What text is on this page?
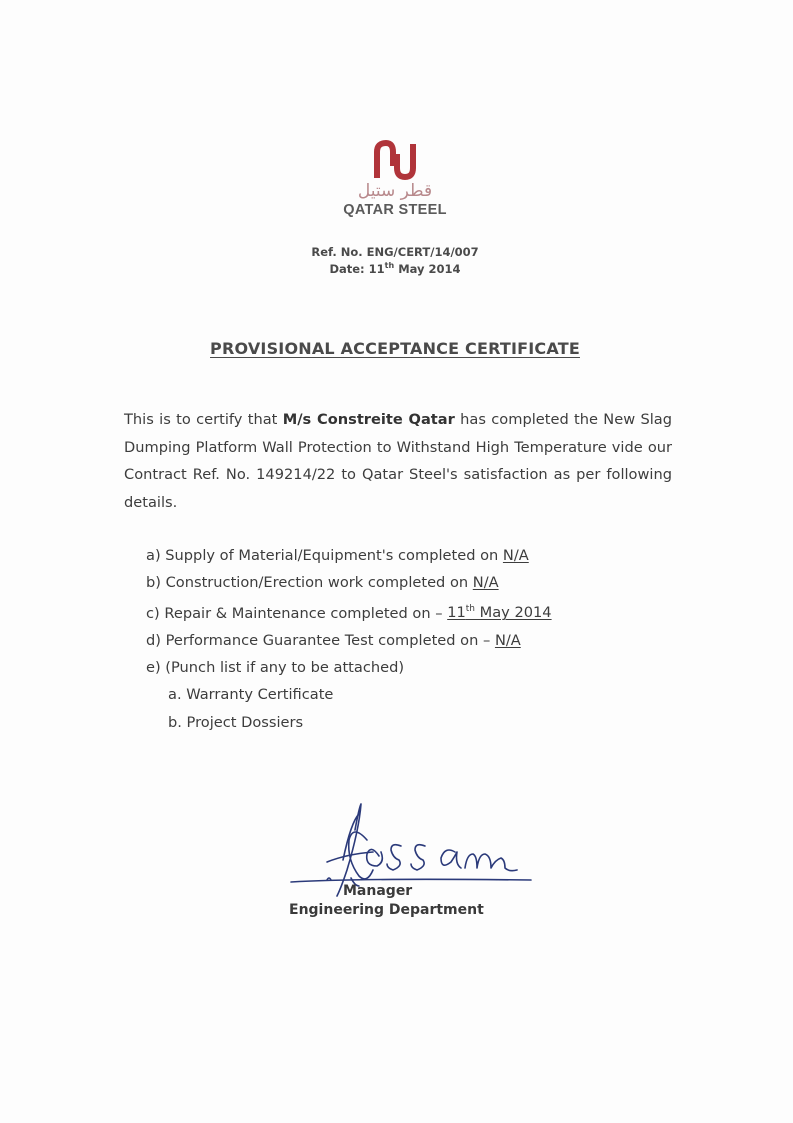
قطر ستيل
QATAR STEEL
Ref. No. ENG/CERT/14/007
Date: 11th May 2014
PROVISIONAL ACCEPTANCE CERTIFICATE
This is to certify that M/s Constreite Qatar has completed the New Slag Dumping Platform Wall Protection to Withstand High Temperature vide our Contract Ref. No. 149214/22 to Qatar Steel's satisfaction as per following details.
a) Supply of Material/Equipment's completed on N/A
b) Construction/Erection work completed on N/A
c) Repair & Maintenance completed on – 11th May 2014
d) Performance Guarantee Test completed on – N/A
e) (Punch list if any to be attached)
a. Warranty Certificate
b. Project Dossiers
Manager
Engineering Department
